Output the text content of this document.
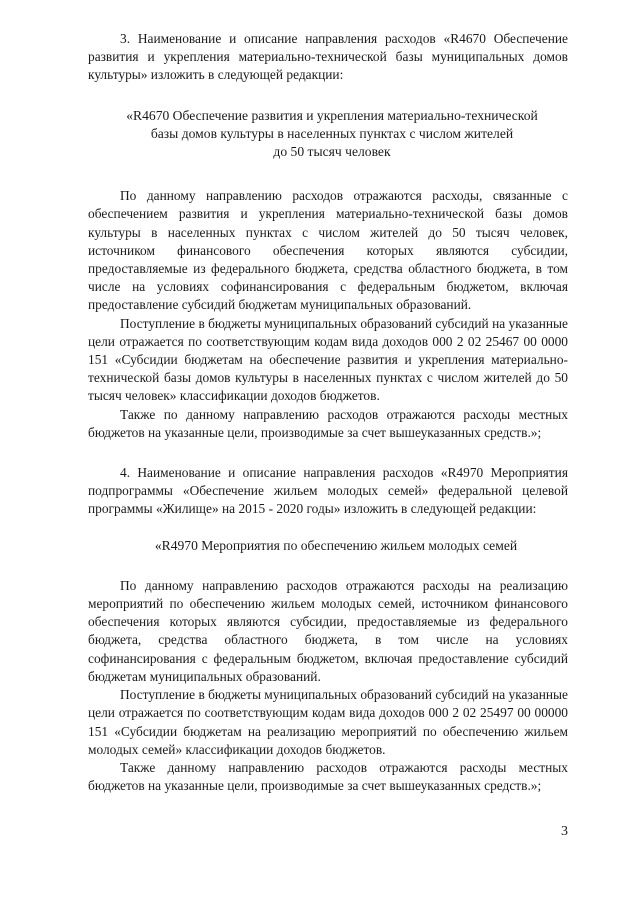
3. Наименование и описание направления расходов «R4670 Обеспечение развития и укрепления материально-технической базы муниципальных домов культуры» изложить в следующей редакции:

«R4670 Обеспечение развития и укрепления материально-технической
базы домов культуры в населенных пунктах с числом жителей
до 50 тысяч человек

По данному направлению расходов отражаются расходы, связанные с обеспечением развития и укрепления материально-технической базы домов культуры в населенных пунктах с числом жителей до 50 тысяч человек, источником финансового обеспечения которых являются субсидии, предоставляемые из федерального бюджета, средства областного бюджета, в том числе на условиях софинансирования с федеральным бюджетом, включая предоставление субсидий бюджетам муниципальных образований.

Поступление в бюджеты муниципальных образований субсидий на указанные цели отражается по соответствующим кодам вида доходов 000 2 02 25467 00 0000 151 «Субсидии бюджетам на обеспечение развития и укрепления материально-технической базы домов культуры в населенных пунктах с числом жителей до 50 тысяч человек» классификации доходов бюджетов.

Также по данному направлению расходов отражаются расходы местных бюджетов на указанные цели, производимые за счет вышеуказанных средств.»;

4. Наименование и описание направления расходов «R4970 Мероприятия подпрограммы «Обеспечение жильем молодых семей» федеральной целевой программы «Жилище» на 2015 - 2020 годы» изложить в следующей редакции:

«R4970 Мероприятия по обеспечению жильем молодых семей

По данному направлению расходов отражаются расходы на реализацию мероприятий по обеспечению жильем молодых семей, источником финансового обеспечения которых являются субсидии, предоставляемые из федерального бюджета, средства областного бюджета, в том числе на условиях софинансирования с федеральным бюджетом, включая предоставление субсидий бюджетам муниципальных образований.

Поступление в бюджеты муниципальных образований субсидий на указанные цели отражается по соответствующим кодам вида доходов 000 2 02 25497 00 00000 151 «Субсидии бюджетам на реализацию мероприятий по обеспечению жильем молодых семей» классификации доходов бюджетов.

Также данному направлению расходов отражаются расходы местных бюджетов на указанные цели, производимые за счет вышеуказанных средств.»;

3
